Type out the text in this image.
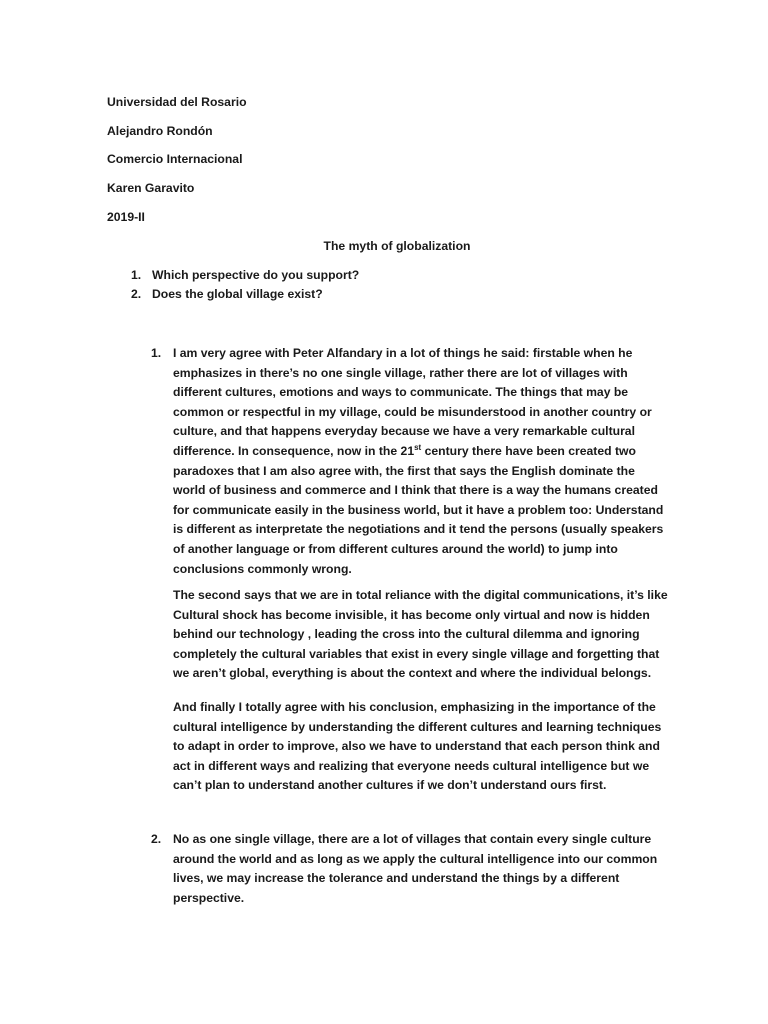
Universidad del Rosario
Alejandro Rondón
Comercio Internacional
Karen Garavito
2019-II
The myth of globalization
1. Which perspective do you support?
2. Does the global village exist?
1. I am very agree with Peter Alfandary in a lot of things he said: firstable when he emphasizes in there’s no one single village, rather there are lot of villages with different cultures, emotions and ways to communicate. The things that may be common or respectful in my village, could be misunderstood in another country or culture, and that happens everyday because we have a very remarkable cultural difference. In consequence, now in the 21st century there have been created two paradoxes that I am also agree with, the first that says the English dominate the world of business and commerce and I think that there is a way the humans created for communicate easily in the business world, but it have a problem too: Understand is different as interpretate the negotiations and it tend the persons (usually speakers of another language or from different cultures around the world) to jump into conclusions commonly wrong.

The second says that we are in total reliance with the digital communications, it’s like Cultural shock has become invisible, it has become only virtual and now is hidden behind our technology , leading the cross into the cultural dilemma and ignoring completely the cultural variables that exist in every single village and forgetting that we aren’t global, everything is about the context and where the individual belongs.

And finally I totally agree with his conclusion, emphasizing in the importance of the cultural intelligence by understanding the different cultures and learning techniques to adapt in order to improve, also we have to understand that each person think and act in different ways and realizing that everyone needs cultural intelligence but we can’t plan to understand another cultures if we don’t understand ours first.

2. No as one single village, there are a lot of villages that contain every single culture around the world and as long as we apply the cultural intelligence into our common lives, we may increase the tolerance and understand the things by a different perspective.
